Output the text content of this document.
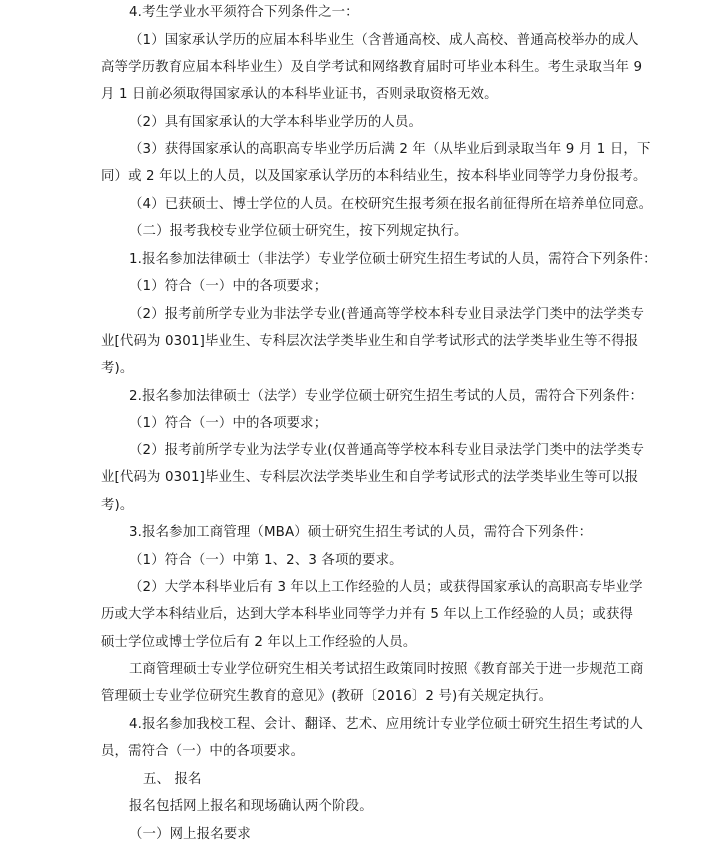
4.考生学业水平须符合下列条件之一：
（1）国家承认学历的应届本科毕业生（含普通高校、成人高校、普通高校举办的成人
高等学历教育应届本科毕业生）及自学考试和网络教育届时可毕业本科生。考生录取当年 9
月 1 日前必须取得国家承认的本科毕业证书，否则录取资格无效。
（2）具有国家承认的大学本科毕业学历的人员。
（3）获得国家承认的高职高专毕业学历后满 2 年（从毕业后到录取当年 9 月 1 日，下
同）或 2 年以上的人员，以及国家承认学历的本科结业生，按本科毕业同等学力身份报考。
（4）已获硕士、博士学位的人员。在校研究生报考须在报名前征得所在培养单位同意。
（二）报考我校专业学位硕士研究生，按下列规定执行。
1.报名参加法律硕士（非法学）专业学位硕士研究生招生考试的人员，需符合下列条件：
（1）符合（一）中的各项要求；
（2）报考前所学专业为非法学专业(普通高等学校本科专业目录法学门类中的法学类专
业[代码为 0301]毕业生、专科层次法学类毕业生和自学考试形式的法学类毕业生等不得报
考)。
2.报名参加法律硕士（法学）专业学位硕士研究生招生考试的人员，需符合下列条件：
（1）符合（一）中的各项要求；
（2）报考前所学专业为法学专业(仅普通高等学校本科专业目录法学门类中的法学类专
业[代码为 0301]毕业生、专科层次法学类毕业生和自学考试形式的法学类毕业生等可以报
考)。
3.报名参加工商管理（MBA）硕士研究生招生考试的人员，需符合下列条件：
（1）符合（一）中第 1、2、3 各项的要求。
（2）大学本科毕业后有 3 年以上工作经验的人员；或获得国家承认的高职高专毕业学
历或大学本科结业后，达到大学本科毕业同等学力并有 5 年以上工作经验的人员；或获得
硕士学位或博士学位后有 2 年以上工作经验的人员。
工商管理硕士专业学位研究生相关考试招生政策同时按照《教育部关于进一步规范工商
管理硕士专业学位研究生教育的意见》(教研〔2016〕2 号)有关规定执行。
4.报名参加我校工程、会计、翻译、艺术、应用统计专业学位硕士研究生招生考试的人
员，需符合（一）中的各项要求。
五、 报名
报名包括网上报名和现场确认两个阶段。
（一）网上报名要求
